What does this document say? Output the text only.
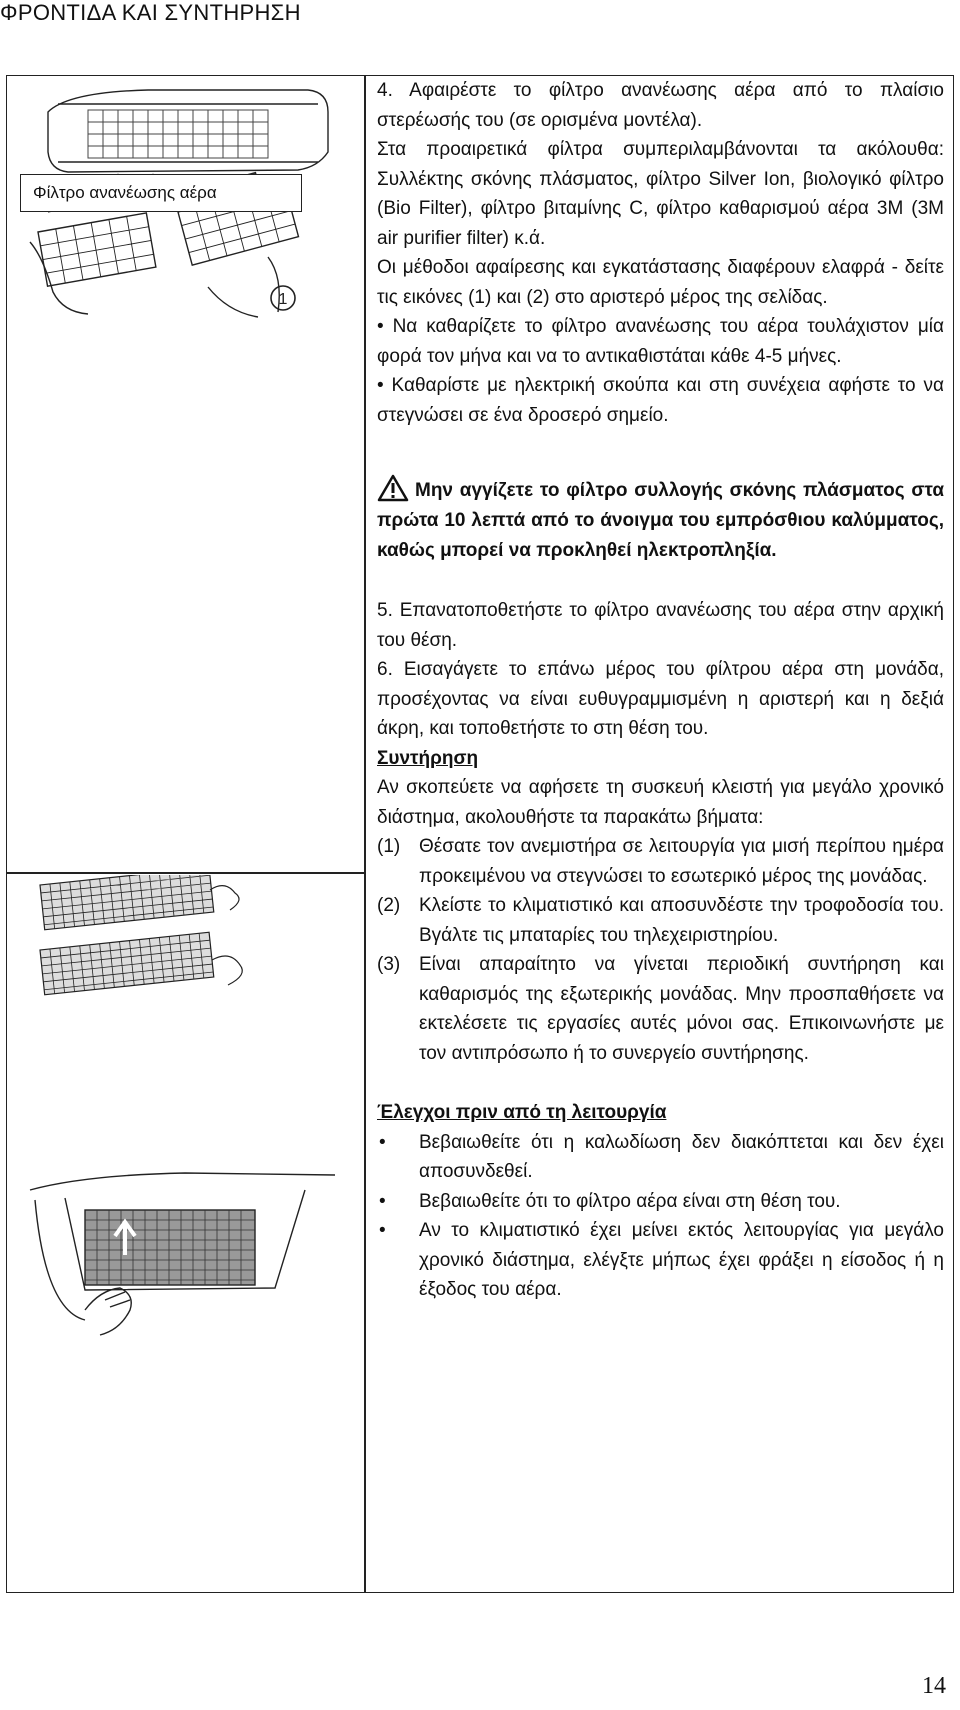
ΦΡΟΝΤΙΔΑ ΚΑΙ ΣΥΝΤΗΡΗΣΗ
1
Φίλτρο ανανέωσης αέρα

4. Αφαιρέστε το φίλτρο ανανέωσης αέρα από το πλαίσιο στερέωσής του (σε ορισμένα μοντέλα).

Στα προαιρετικά φίλτρα συμπεριλαμβάνονται τα ακόλουθα: Συλλέκτης σκόνης πλάσματος, φίλτρο Silver Ion, βιολογικό φίλτρο (Bio Filter), φίλτρο βιταμίνης C, φίλτρο καθαρισμού αέρα 3M (3M air purifier filter) κ.ά.

Οι μέθοδοι αφαίρεσης και εγκατάστασης διαφέρουν ελαφρά - δείτε τις εικόνες (1) και (2) στο αριστερό μέρος της σελίδας.

• Να καθαρίζετε το φίλτρο ανανέωσης του αέρα τουλάχιστον μία φορά τον μήνα και να το αντικαθιστάται κάθε 4-5 μήνες.

• Καθαρίστε με ηλεκτρική σκούπα και στη συνέχεια αφήστε το να στεγνώσει σε ένα δροσερό σημείο.

Μην αγγίζετε το φίλτρο συλλογής σκόνης πλάσματος στα πρώτα 10 λεπτά από το άνοιγμα του εμπρόσθιου καλύμματος, καθώς μπορεί να προκληθεί ηλεκτροπληξία.

5. Επανατοποθετήστε το φίλτρο ανανέωσης του αέρα στην αρχική του θέση.

6. Εισαγάγετε το επάνω μέρος του φίλτρου αέρα στη μονάδα, προσέχοντας να είναι ευθυγραμμισμένη η αριστερή και η δεξιά άκρη, και τοποθετήστε το στη θέση του.

Συντήρηση

Αν σκοπεύετε να αφήσετε τη συσκευή κλειστή για μεγάλο χρονικό διάστημα, ακολουθήστε τα παρακάτω βήματα:

(1) Θέσατε τον ανεμιστήρα σε λειτουργία για μισή περίπου ημέρα προκειμένου να στεγνώσει το εσωτερικό μέρος της μονάδας.
(2) Κλείστε το κλιματιστικό και αποσυνδέστε την τροφοδοσία του. Βγάλτε τις μπαταρίες του τηλεχειριστηρίου.
(3) Είναι απαραίτητο να γίνεται περιοδική συντήρηση και καθαρισμός της εξωτερικής μονάδας. Μην προσπαθήσετε να εκτελέσετε τις εργασίες αυτές μόνοι σας. Επικοινωνήστε με τον αντιπρόσωπο ή το συνεργείο συντήρησης.

Έλεγχοι πριν από τη λειτουργία

•	Βεβαιωθείτε ότι η καλωδίωση δεν διακόπτεται και δεν έχει αποσυνδεθεί.
•	Βεβαιωθείτε ότι το φίλτρο αέρα είναι στη θέση του.
•	Αν το κλιματιστικό έχει μείνει εκτός λειτουργίας για μεγάλο χρονικό διάστημα, ελέγξτε μήπως έχει φράξει η είσοδος ή η έξοδος του αέρα.
14
